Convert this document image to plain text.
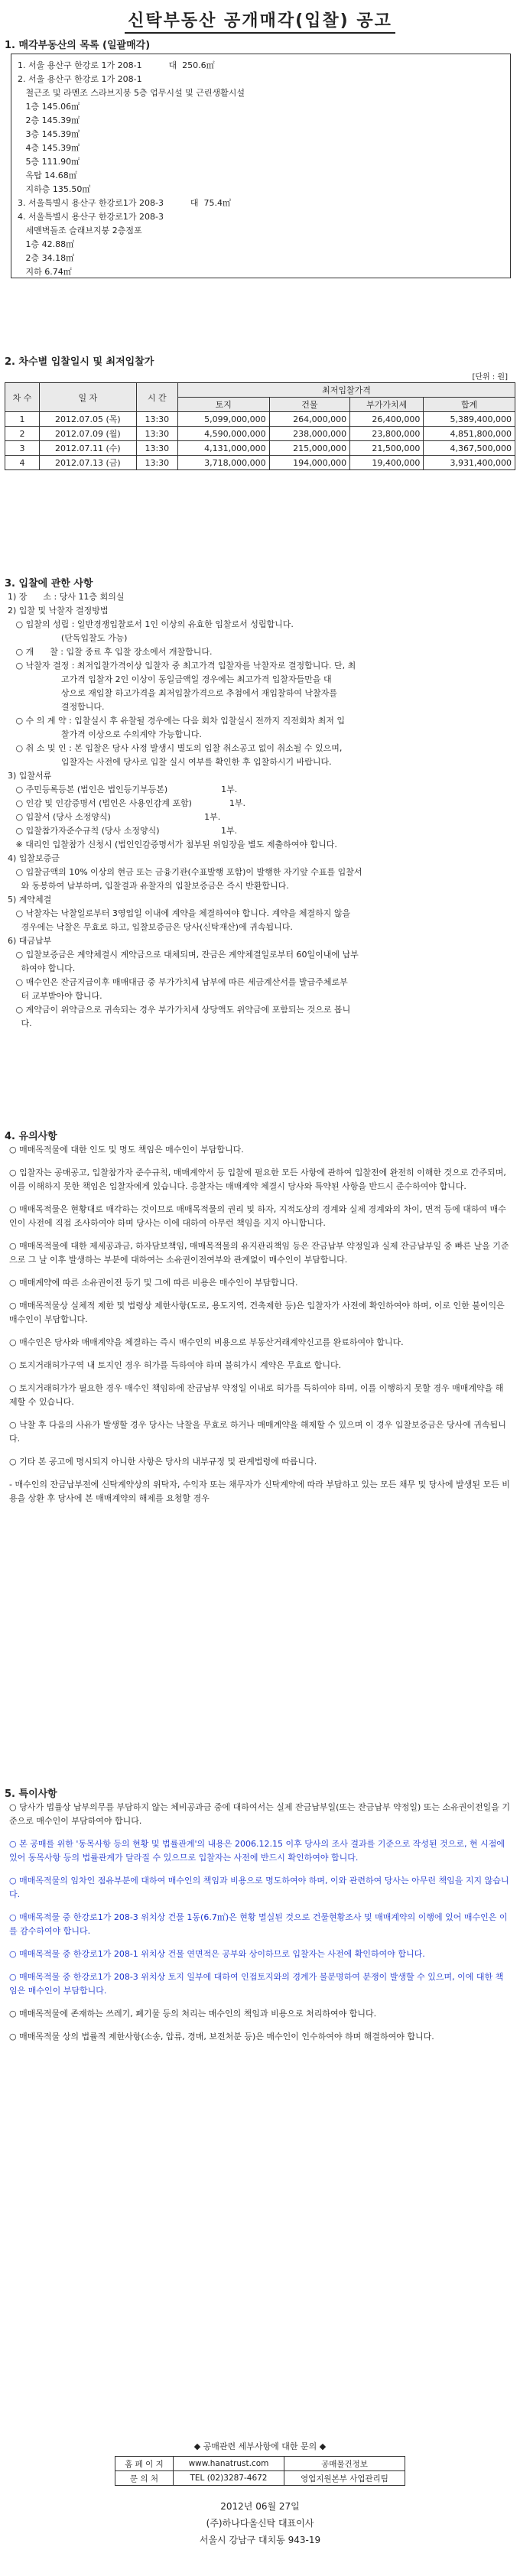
신탁부동산 공개매각(입찰) 공고
1. 매각부동산의 목록 (일괄매각)
1. 서울 용산구 한강로 1가 208-1          대  250.6㎡
2. 서울 용산구 한강로 1가 208-1
철근조 및 라멘조 스라브지붕 5층 업무시설 및 근린생활시설
1층 145.06㎡
2층 145.39㎡
3층 145.39㎡
4층 145.39㎡
5층 111.90㎡
옥탑 14.68㎡
지하층 135.50㎡
3. 서울특별시 용산구 한강로1가 208-3          대  75.4㎡
4. 서울특별시 용산구 한강로1가 208-3
세멘벽돌조 슬래브지붕 2층점포
1층 42.88㎡
2층 34.18㎡
지하 6.74㎡
2. 차수별 입찰일시 및 최저입찰가
[단위 : 원]
차 수	일 자	시 간	최저입찰가격			
			토지	건물	부가가치세	합계
1	2012.07.05 (목)	13:30	5,099,000,000	264,000,000	26,400,000	5,389,400,000
2	2012.07.09 (월)	13:30	4,590,000,000	238,000,000	23,800,000	4,851,800,000
3	2012.07.11 (수)	13:30	4,131,000,000	215,000,000	21,500,000	4,367,500,000
4	2012.07.13 (금)	13:30	3,718,000,000	194,000,000	19,400,000	3,931,400,000
3. 입찰에 관한 사항
1) 장      소 : 당사 11층 회의실
2) 입찰 및 낙찰자 결정방법
○ 입찰의 성립 : 일반경쟁입찰로서 1인 이상의 유효한 입찰로서 성립합니다.
(단독입찰도 가능)
○ 개      찰 : 입찰 종료 후 입찰 장소에서 개찰합니다.
○ 낙찰자 결정 : 최저입찰가격이상 입찰자 중 최고가격 입찰자를 낙찰자로 결정합니다. 단, 최
고가격 입찰자 2인 이상이 동일금액일 경우에는 최고가격 입찰자들만을 대
상으로 재입찰 하고가격을 최저입찰가격으로 추첨에서 재입찰하여 낙찰자를
결정합니다.
○ 수 의 계 약 : 입찰실시 후 유찰될 경우에는 다음 회차 입찰실시 전까지 직전회차 최저 입
찰가격 이상으로 수의계약 가능합니다.
○ 취 소 및 인 : 본 입찰은 당사 사정 발생시 별도의 입찰 취소공고 없이 취소될 수 있으며,
입찰자는 사전에 당사로 입찰 실시 여부를 확인한 후 입찰하시기 바랍니다.
3) 입찰서류
○ 주민등록등본 (법인은 법인등기부등본)                    1부.
○ 인감 및 인감증명서 (법인은 사용인감계 포함)              1부.
○ 입찰서 (당사 소정양식)                                   1부.
○ 입찰참가자준수규칙 (당사 소정양식)                       1부.
※ 대리인 입찰참가 신청시 (법인인감증명서가 첨부된 위임장을 별도 제출하여야 합니다.
4) 입찰보증금
○ 입찰금액의 10% 이상의 현금 또는 금융기관(수표발행 포함)이 발행한 자기앞 수표를 입찰서
와 동봉하여 납부하며, 입찰결과 유찰자의 입찰보증금은 즉시 반환합니다.
5) 계약체결
○ 낙찰자는 낙찰일로부터 3영업일 이내에 계약을 체결하여야 합니다. 계약을 체결하지 않을
경우에는 낙찰은 무효로 하고, 입찰보증금은 당사(신탁재산)에 귀속됩니다.
6) 대금납부
○ 입찰보증금은 계약체결시 계약금으로 대체되며, 잔금은 계약체결일로부터 60일이내에 납부
하여야 합니다.
○ 매수인은 잔금지급이후 매매대금 중 부가가치세 납부에 따른 세금계산서를 발급주체로부
터 교부받아야 합니다.
○ 계약금이 위약금으로 귀속되는 경우 부가가치세 상당액도 위약금에 포함되는 것으로 봅니
다.
4. 유의사항
○ 매매목적물에 대한 인도 및 명도 책임은 매수인이 부담합니다.
○ 입찰자는 공매공고, 입찰참가자 준수규칙, 매매계약서 등 입찰에 필요한 모든 사항에 관하여 입찰전에 완전히 이해한 것으로 간주되며, 이를 이해하지 못한 책임은 입찰자에게 있습니다. 응찰자는 매매계약 체결시 당사와 특약된 사항을 반드시 준수하여야 합니다.
○ 매매목적물은 현황대로 매각하는 것이므로 매매목적물의 권리 및 하자, 지적도상의 경계와 실제 경계와의 차이, 면적 등에 대하여 매수인이 사전에 직접 조사하여야 하며 당사는 이에 대하여 아무런 책임을 지지 아니합니다.
○ 매매목적물에 대한 제세공과금, 하자담보책임, 매매목적물의 유지관리책임 등은 잔금납부 약정일과 실제 잔금납부일 중 빠른 날을 기준으로 그 날 이후 발생하는 부분에 대하여는 소유권이전여부와 관계없이 매수인이 부담합니다.
○ 매매계약에 따른 소유권이전 등기 및 그에 따른 비용은 매수인이 부담합니다.
○ 매매목적물상 실체적 제한 및 법령상 제한사항(도로, 용도지역, 건축제한 등)은 입찰자가 사전에 확인하여야 하며, 이로 인한 불이익은 매수인이 부담합니다.
○ 매수인은 당사와 매매계약을 체결하는 즉시 매수인의 비용으로 부동산거래계약신고를 완료하여야 합니다.
○ 토지거래허가구역 내 토지인 경우 허가를 득하여야 하며 불허가시 계약은 무효로 합니다.
○ 토지거래허가가 필요한 경우 매수인 책임하에 잔금납부 약정일 이내로 허가를 득하여야 하며, 이를 이행하지 못할 경우 매매계약을 해제할 수 있습니다.
○ 낙찰 후 다음의 사유가 발생할 경우 당사는 낙찰을 무효로 하거나 매매계약을 해제할 수 있으며 이 경우 입찰보증금은 당사에 귀속됩니다.
○ 기타 본 공고에 명시되지 아니한 사항은 당사의 내부규정 및 관계법령에 따릅니다.
- 매수인의 잔금납부전에 신탁계약상의 위탁자, 수익자 또는 채무자가 신탁계약에 따라 부담하고 있는 모든 채무 및 당사에 발생된 모든 비용을 상환 후 당사에 본 매매계약의 해제를 요청할 경우
5. 특이사항
○ 당사가 법률상 납부의무를 부담하지 않는 체비공과금 중에 대하여서는 실제 잔금납부일(또는 잔금납부 약정일) 또는 소유권이전일을 기준으로 매수인이 부담하여야 합니다.
○ 본 공매를 위한 '동목사항 등의 현황 및 법률관계'의 내용은 2006.12.15 이후 당사의 조사 결과를 기준으로 작성된 것으로, 현 시점에 있어 동목사항 등의 법률관계가 달라질 수 있으므로 입찰자는 사전에 반드시 확인하여야 합니다.
○ 매매목적물의 임차인 점유부분에 대하여 매수인의 책임과 비용으로 명도하여야 하며, 이와 관련하여 당사는 아무런 책임을 지지 않습니다.
○ 매매목적물 중 한강로1가 208-3 위치상 건물 1동(6.7㎡)은 현황 멸실된 것으로 건물현황조사 및 매매계약의 이행에 있어 매수인은 이를 감수하여야 합니다.
○ 매매목적물 중 한강로1가 208-1 위치상 건물 연면적은 공부와 상이하므로 입찰자는 사전에 확인하여야 합니다.
○ 매매목적물 중 한강로1가 208-3 위치상 토지 일부에 대하여 인접토지와의 경계가 불분명하여 분쟁이 발생할 수 있으며, 이에 대한 책임은 매수인이 부담합니다.
○ 매매목적물에 존재하는 쓰레기, 폐기물 등의 처리는 매수인의 책임과 비용으로 처리하여야 합니다.
○ 매매목적물 상의 법률적 제한사항(소송, 압류, 경매, 보전처분 등)은 매수인이 인수하여야 하며 해결하여야 합니다.
◆ 공매관련 세부사항에 대한 문의 ◆
홈 페 이 지	www.hanatrust.com	공매물건정보
문 의 처	TEL (02)3287-4672	영업지원본부 사업관리팀
2012년 06월 27일
(주)하나다올신탁 대표이사
서울시 강남구 대치동 943-19
